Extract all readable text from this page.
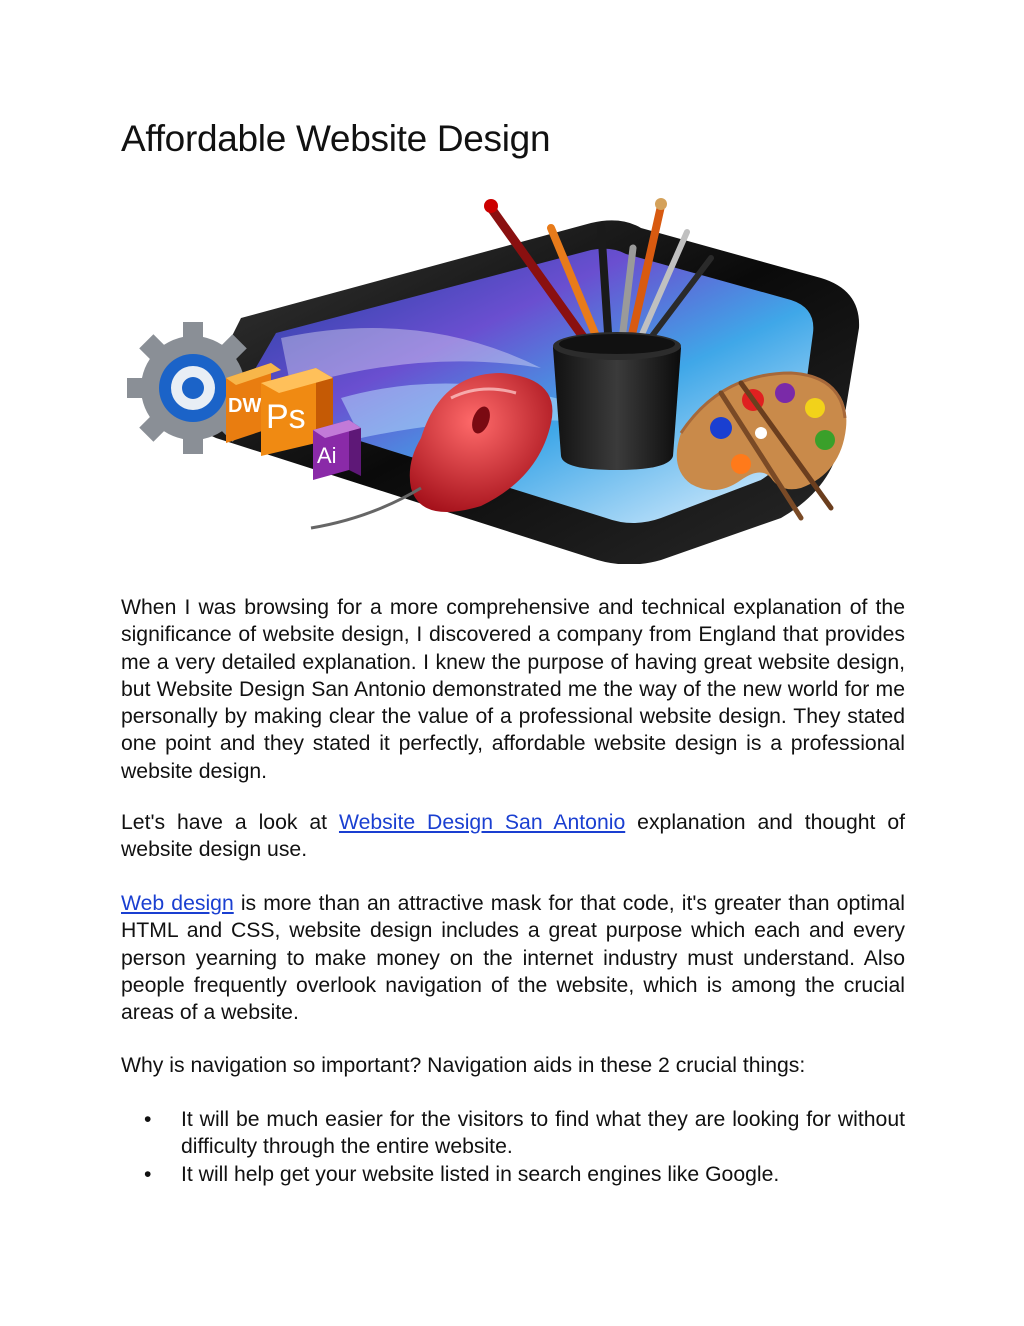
Affordable Website Design
DW Ps
Ai

When I was browsing for a more comprehensive and technical explanation of the significance of website design, I discovered a company from England that provides me a very detailed explanation. I knew the purpose of having great website design, but Website Design San Antonio demonstrated me the way of the new world for me personally by making clear the value of a professional website design. They stated one point and they stated it perfectly, affordable website design is a professional website design.

Let's have a look at Website Design San Antonio explanation and thought of website design use.

Web design is more than an attractive mask for that code, it's greater than optimal HTML and CSS, website design includes a great purpose which each and every person yearning to make money on the internet industry must understand. Also people frequently overlook navigation of the website, which is among the crucial areas of a website.

Why is navigation so important? Navigation aids in these 2 crucial things:

• It will be much easier for the visitors to find what they are looking for without difficulty through the entire website.
• It will help get your website listed in search engines like Google.
